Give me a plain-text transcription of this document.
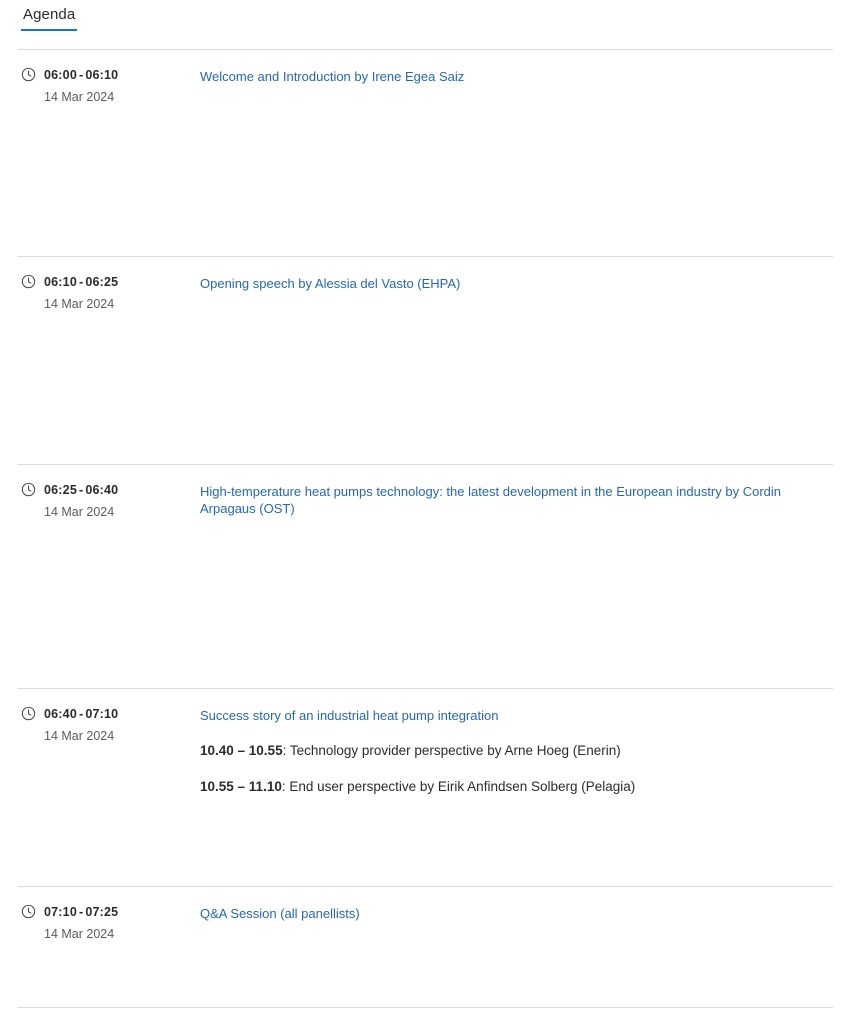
Agenda
06:00 - 06:10
14 Mar 2024
Welcome and Introduction by Irene Egea Saiz
06:10 - 06:25
14 Mar 2024
Opening speech by Alessia del Vasto (EHPA)
06:25 - 06:40
14 Mar 2024
High-temperature heat pumps technology: the latest development in the European industry by Cordin Arpagaus (OST)
06:40 - 07:10
14 Mar 2024
Success story of an industrial heat pump integration
10.40 – 10.55: Technology provider perspective by Arne Hoeg (Enerin)
10.55 – 11.10: End user perspective by Eirik Anfindsen Solberg (Pelagia)
07:10 - 07:25
14 Mar 2024
Q&A Session (all panellists)
